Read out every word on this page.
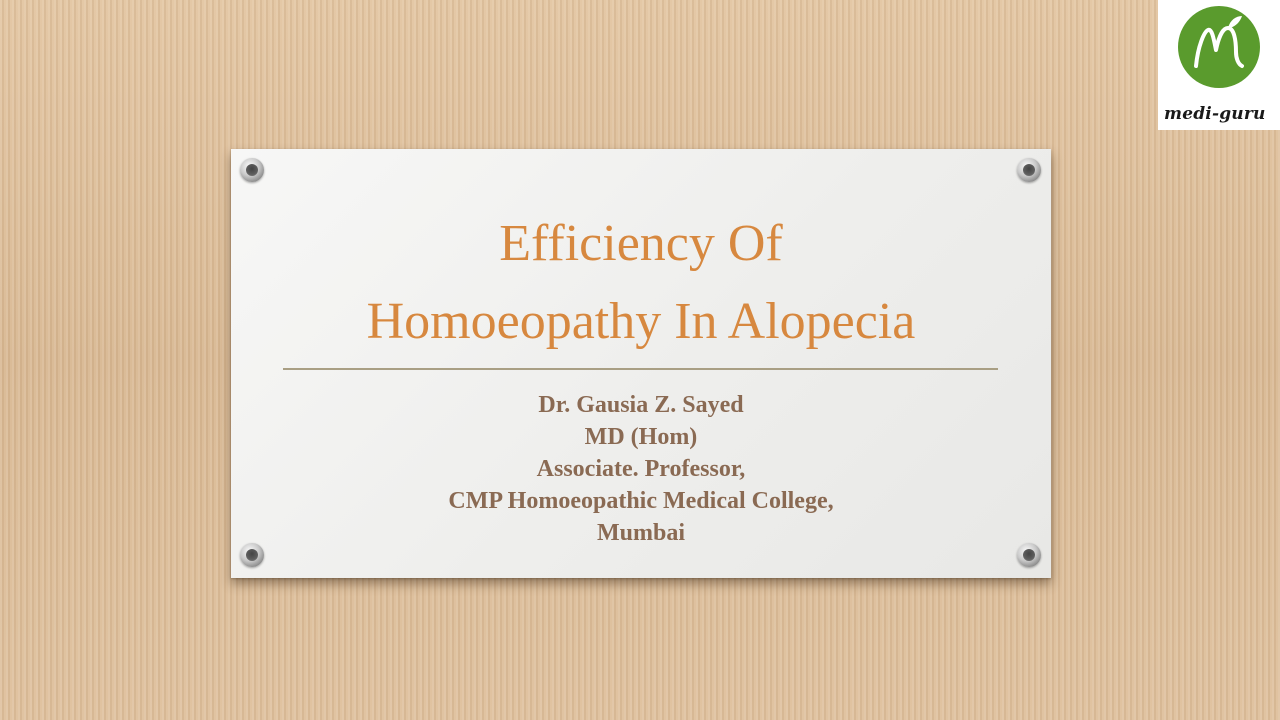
medi-guru
Efficiency Of
Homoeopathy In Alopecia
Dr. Gausia Z. Sayed
MD (Hom)
Associate. Professor,
CMP Homoeopathic Medical College,
Mumbai
